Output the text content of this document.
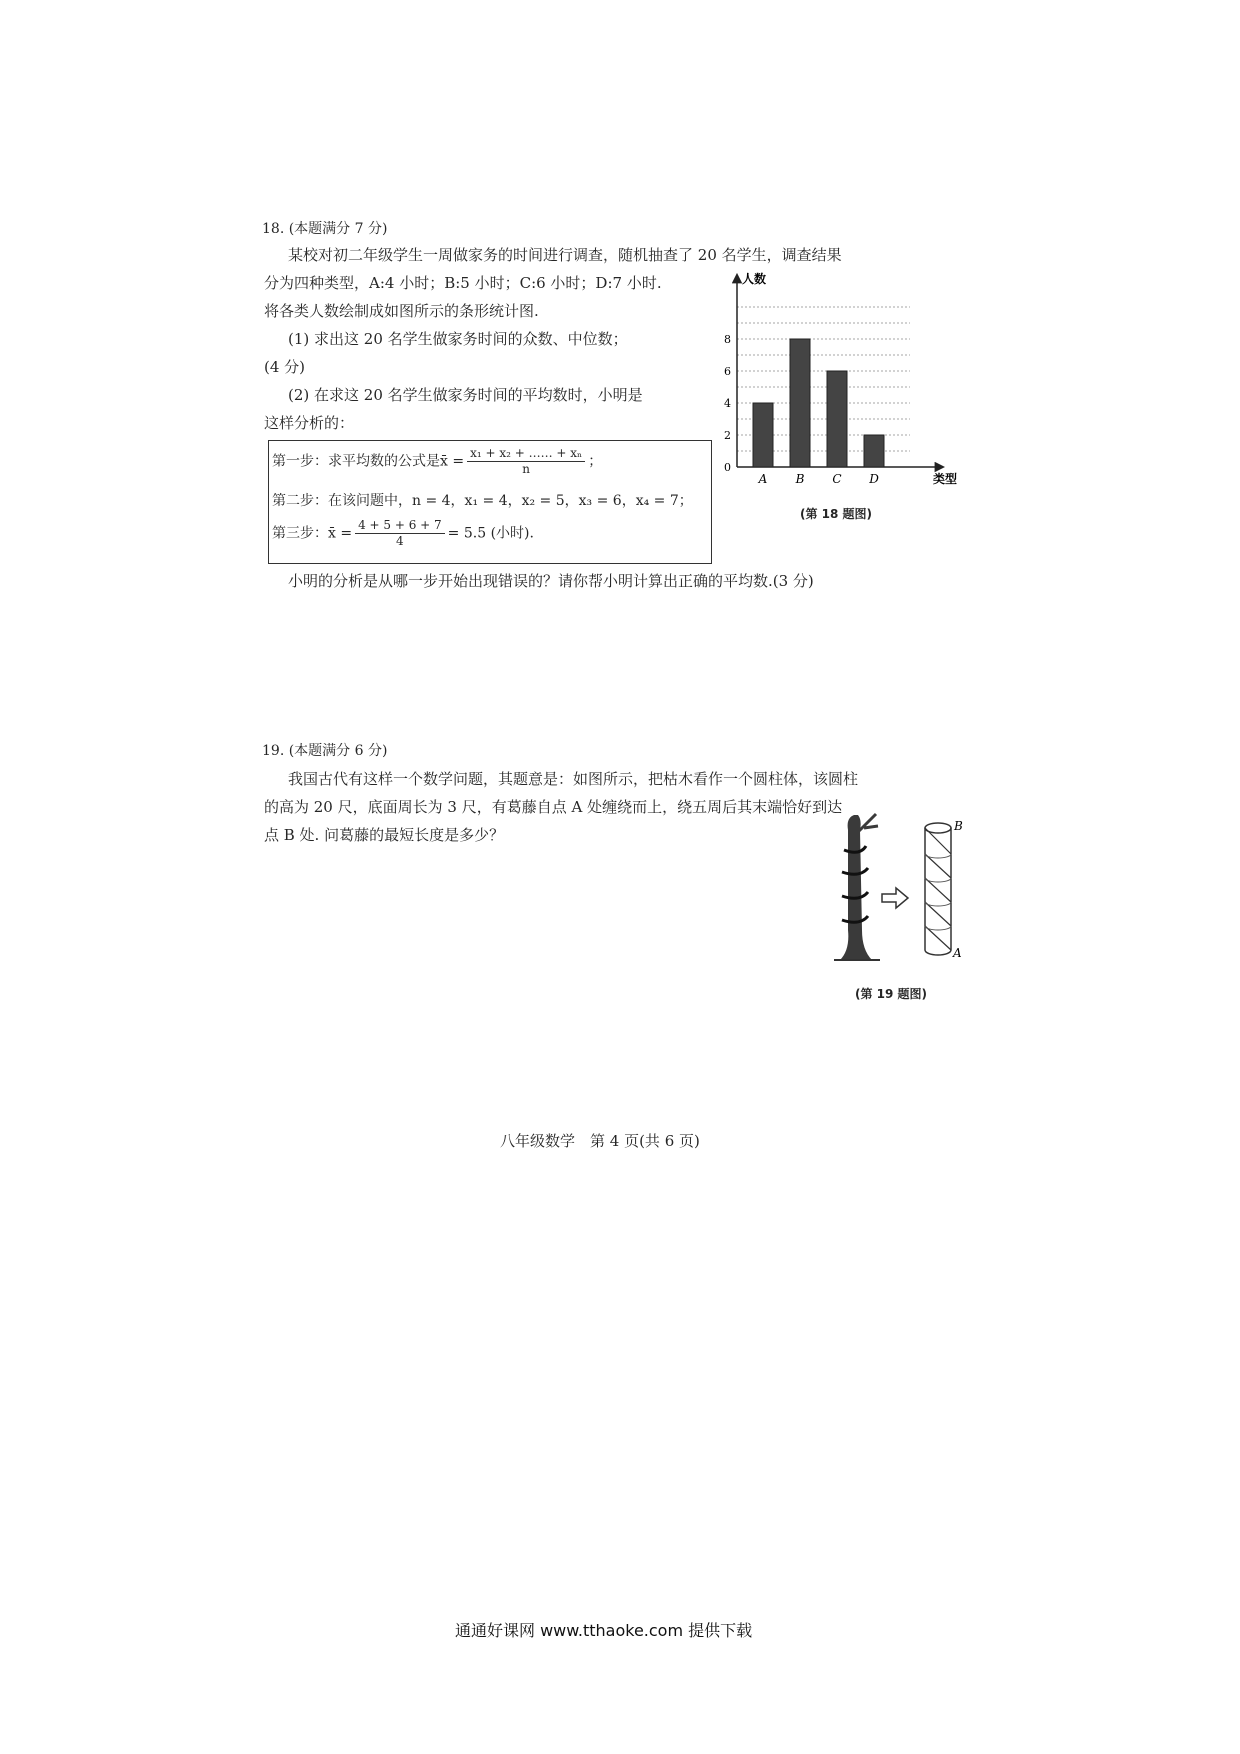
18. (本题满分 7 分)
某校对初二年级学生一周做家务的时间进行调查，随机抽查了 20 名学生，调查结果
分为四种类型，A:4 小时；B:5 小时；C:6 小时；D:7 小时.
将各类人数绘制成如图所示的条形统计图.
(1) 求出这 20 名学生做家务时间的众数、中位数；
(4 分)
(2) 在求这 20 名学生做家务时间的平均数时，小明是
这样分析的：
第一步：求平均数的公式是x̄ = $\frac{\text{x₁ + x₂ + …… + xₙ}}{n}$ ；
第二步：在该问题中，n = 4，x₁ = 4，x₂ = 5，x₃ = 6，x₄ = 7；
第三步：x̄ = $\frac{4 + 5 + 6 + 7}{4} = 5.5$ (小时).
小明的分析是从哪一步开始出现错误的？请你帮小明计算出正确的平均数.(3 分)
人数
类型
0
2
4
6
8
A B C D
(第 18 题图)
19. (本题满分 6 分)
我国古代有这样一个数学问题，其题意是：如图所示，把枯木看作一个圆柱体，该圆柱
的高为 20 尺，底面周长为 3 尺，有葛藤自点 A 处缠绕而上，绕五周后其末端恰好到达
点 B 处. 问葛藤的最短长度是多少？	B
A
(第 19 题图)
八年级数学　第 4 页(共 6 页)
通通好课网 www.tthaoke.com 提供下载
